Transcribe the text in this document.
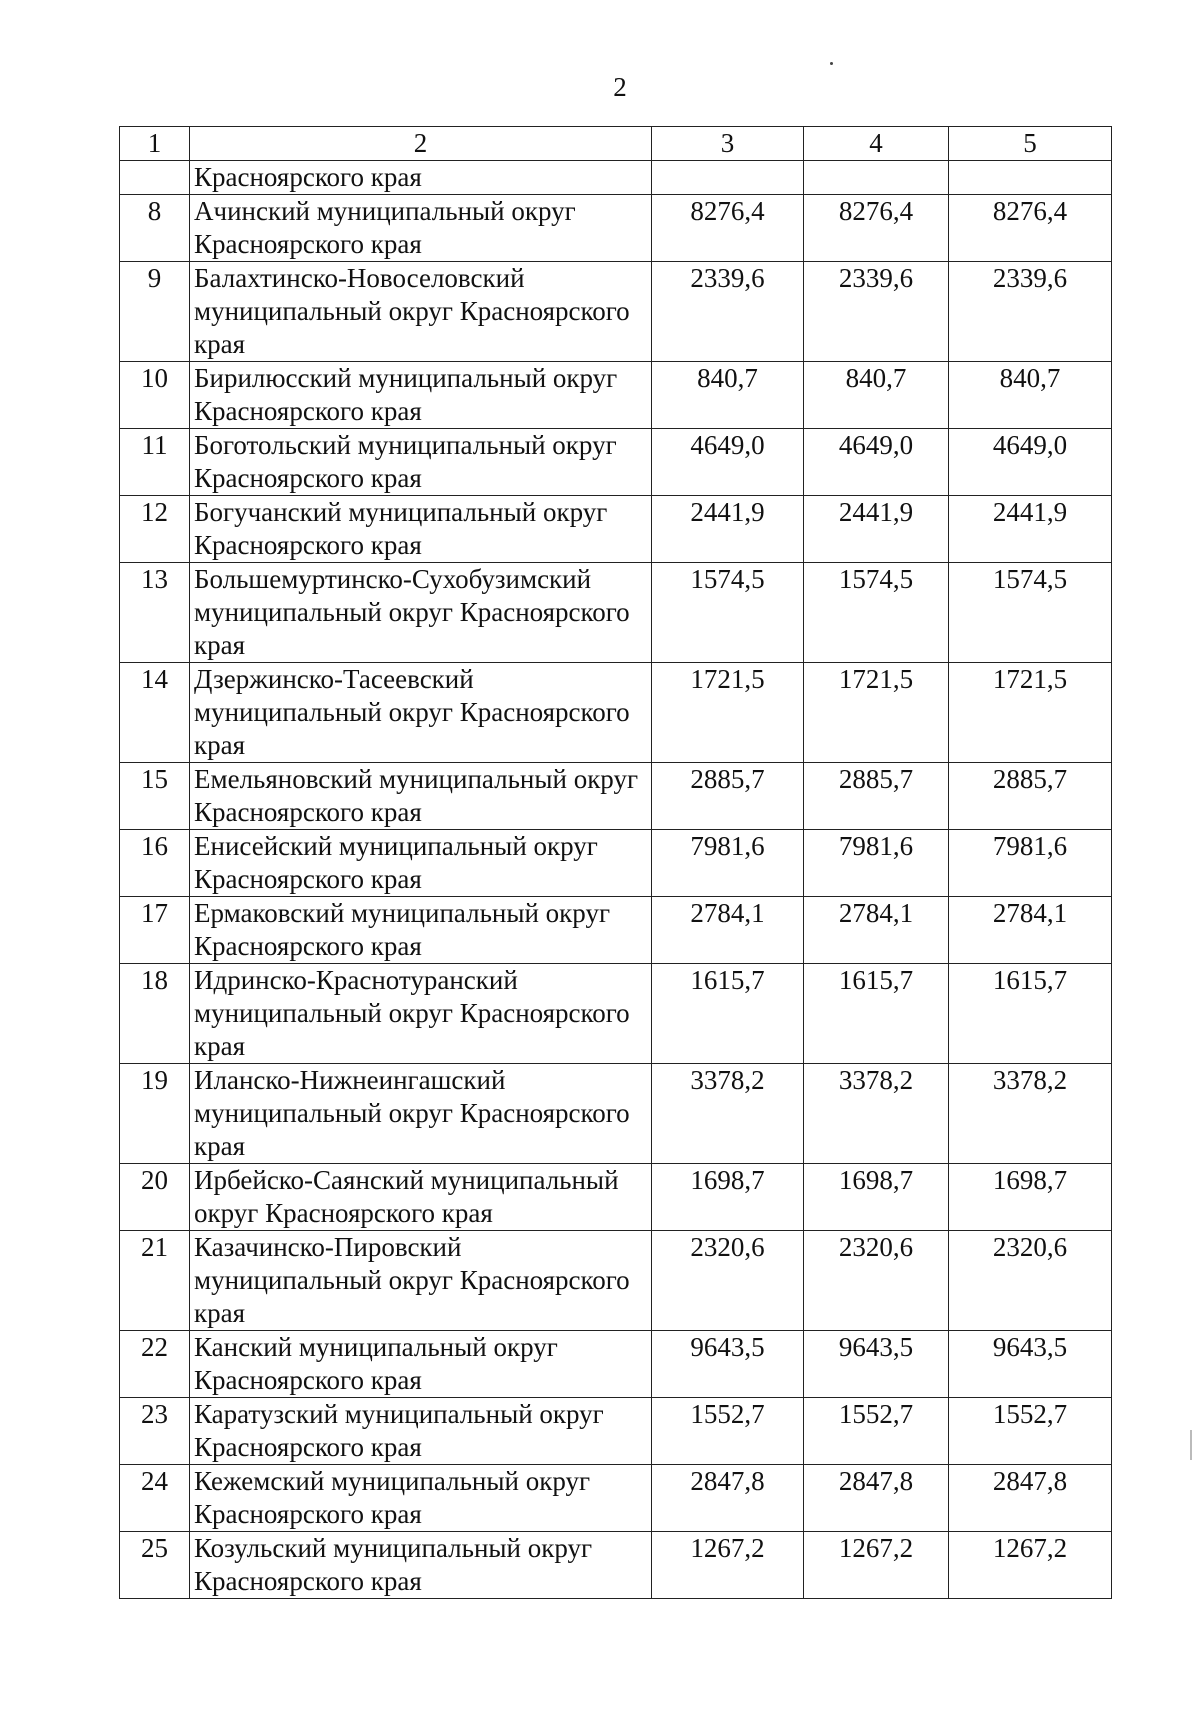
2
1	2	3	4	5
	Красноярского края			
8	Ачинский муниципальный округ Красноярского края	8276,4	8276,4	8276,4
9	Балахтинско-Новоселовский муниципальный округ Красноярского края	2339,6	2339,6	2339,6
10	Бирилюсский муниципальный округ Красноярского края	840,7	840,7	840,7
11	Боготольский муниципальный округ Красноярского края	4649,0	4649,0	4649,0
12	Богучанский муниципальный округ Красноярского края	2441,9	2441,9	2441,9
13	Большемуртинско-Сухобузимский муниципальный округ Красноярского края	1574,5	1574,5	1574,5
14	Дзержинско-Тасеевский муниципальный округ Красноярского края	1721,5	1721,5	1721,5
15	Емельяновский муниципальный округ Красноярского края	2885,7	2885,7	2885,7
16	Енисейский муниципальный округ Красноярского края	7981,6	7981,6	7981,6
17	Ермаковский муниципальный округ Красноярского края	2784,1	2784,1	2784,1
18	Идринско-Краснотуранский муниципальный округ Красноярского края	1615,7	1615,7	1615,7
19	Иланско-Нижнеингашский муниципальный округ Красноярского края	3378,2	3378,2	3378,2
20	Ирбейско-Саянский муниципальный округ Красноярского края	1698,7	1698,7	1698,7
21	Казачинско-Пировский муниципальный округ Красноярского края	2320,6	2320,6	2320,6
22	Канский муниципальный округ Красноярского края	9643,5	9643,5	9643,5
23	Каратузский муниципальный округ Красноярского края	1552,7	1552,7	1552,7
24	Кежемский муниципальный округ Красноярского края	2847,8	2847,8	2847,8
25	Козульский муниципальный округ Красноярского края	1267,2	1267,2	1267,2
